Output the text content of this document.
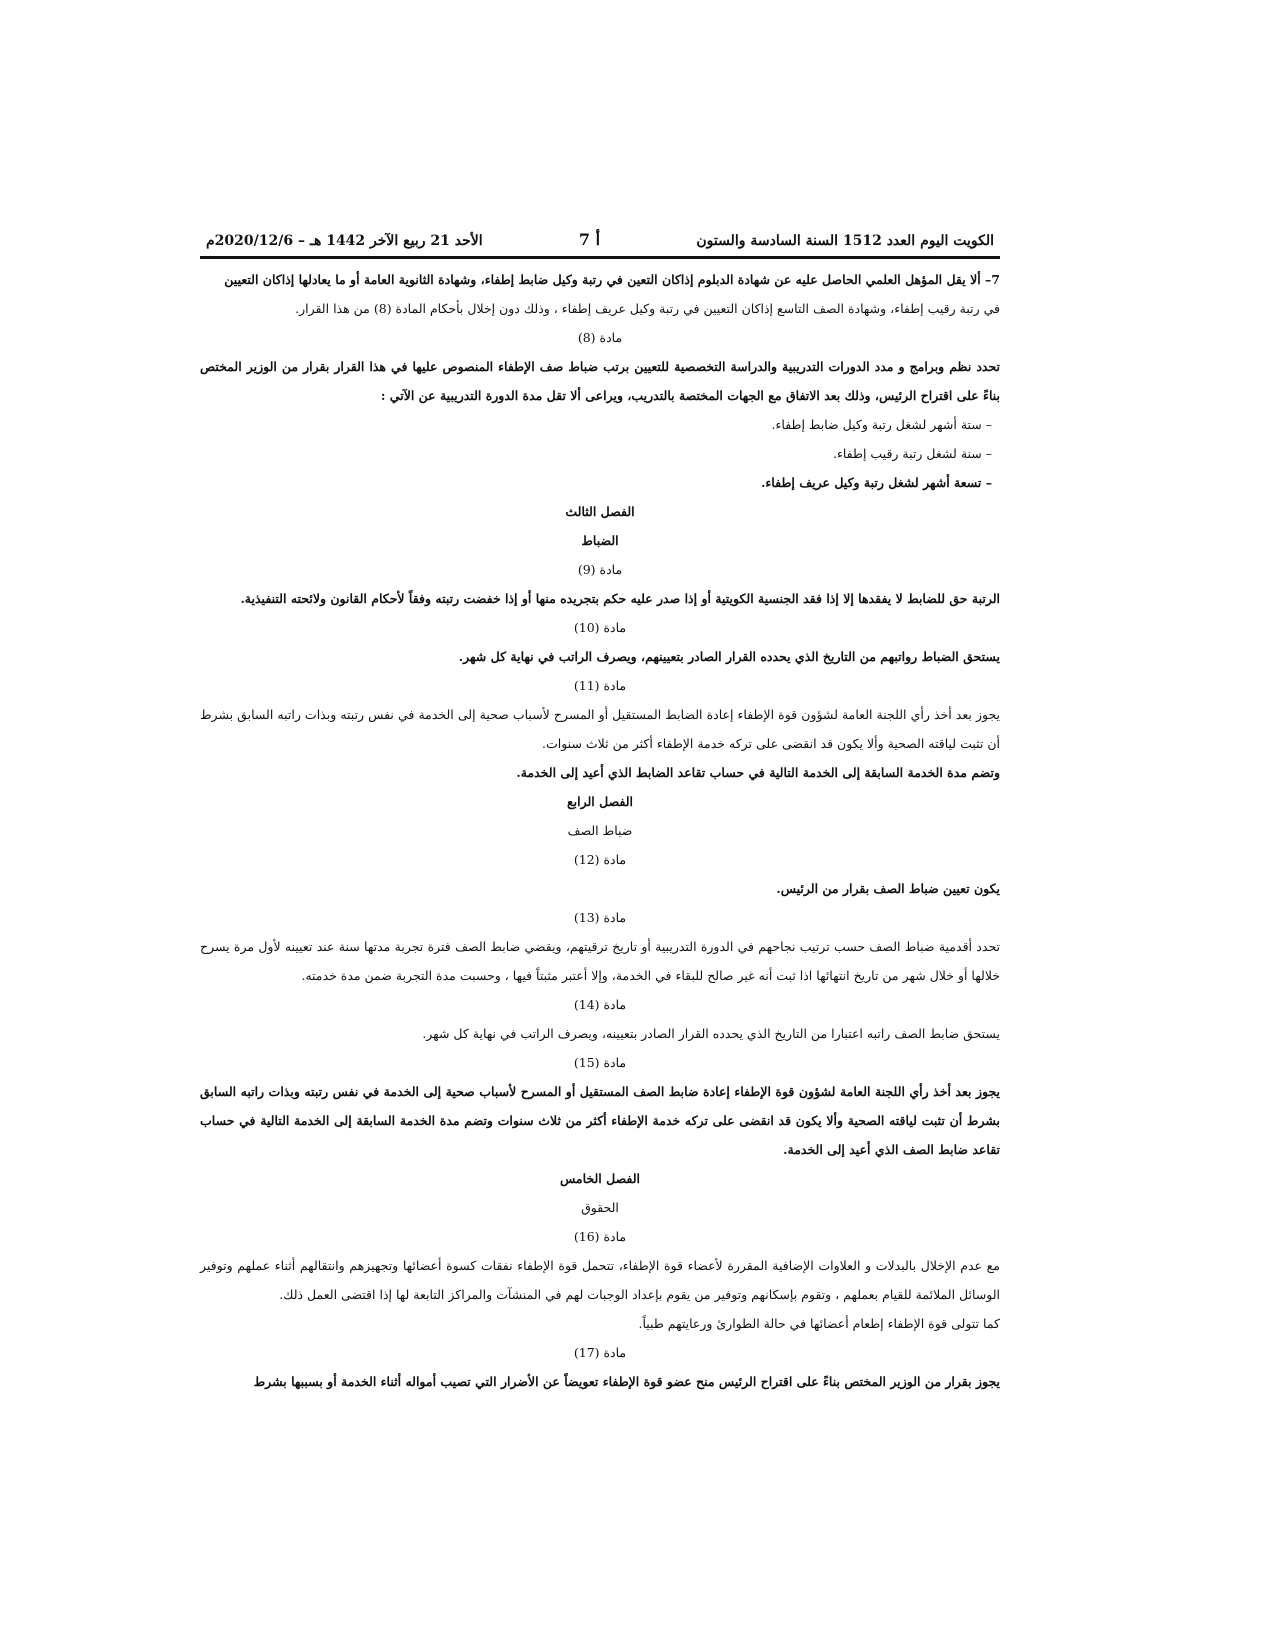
الكويت اليوم العدد 1512 السنة السادسة والستون
أ 7
الأحد 21 ربيع الآخر 1442 هـ – 2020/12/6م

7– ألا يقل المؤهل العلمي الحاصل عليه عن شهادة الدبلوم إذاكان التعين في رتبة وكيل ضابط إطفاء، وشهادة الثانوية العامة أو ما يعادلها إذاكان التعيين

في رتبة رقيب إطفاء، وشهادة الصف التاسع إذاكان التعيين في رتبة وكيل عريف إطفاء ، وذلك دون إخلال بأحكام المادة (8) من هذا القرار.

مادة (8)

تحدد نظم وبرامج و مدد الدورات التدريبية والدراسة التخصصية للتعيين برتب ضباط صف الإطفاء المنصوص عليها في هذا القرار بقرار من الوزير المختص بناءً على اقتراح الرئيس، وذلك بعد الاتفاق مع الجهات المختصة بالتدريب، ويراعى ألا تقل مدة الدورة التدريبية عن الآتي :

– ستة أشهر لشغل رتبة وكيل ضابط إطفاء.

– سنة لشغل رتبة رقيب إطفاء.

– تسعة أشهر لشغل رتبة وكيل عريف إطفاء.

الفصل الثالث

الضباط

مادة (9)

الرتبة حق للضابط لا يفقدها إلا إذا فقد الجنسية الكويتية أو إذا صدر عليه حكم بتجريده منها أو إذا خفضت رتبته وفقاً لأحكام القانون ولائحته التنفيذية.

مادة (10)

يستحق الضباط رواتبهم من التاريخ الذي يحدده القرار الصادر بتعيينهم، ويصرف الراتب في نهاية كل شهر.

مادة (11)

يجوز بعد أخذ رأي اللجنة العامة لشؤون قوة الإطفاء إعادة الضابط المستقيل أو المسرح لأسباب صحية إلى الخدمة في نفس رتبته وبذات راتبه السابق بشرط أن تثبت لياقته الصحية وألا يكون قد انقضى على تركه خدمة الإطفاء أكثر من ثلاث سنوات.

وتضم مدة الخدمة السابقة إلى الخدمة التالية في حساب تقاعد الضابط الذي أعيد إلى الخدمة.

الفصل الرابع

ضباط الصف

مادة (12)

يكون تعيين ضباط الصف بقرار من الرئيس.

مادة (13)

تحدد أقدمية ضباط الصف حسب ترتيب نجاحهم في الدورة التدريبية أو تاريخ ترقيتهم، ويقضي ضابط الصف فترة تجربة مدتها سنة عند تعيينه لأول مرة يسرح خلالها أو خلال شهر من تاريخ انتهائها اذا ثبت أنه غير صالح للبقاء في الخدمة، وإلا أعتبر مثبتاً فيها ، وحسبت مدة التجربة ضمن مدة خدمته.

مادة (14)

يستحق ضابط الصف راتبه اعتبارا من التاريخ الذي يحدده القرار الصادر بتعيينه، ويصرف الراتب في نهاية كل شهر.

مادة (15)

يجوز بعد أخذ رأي اللجنة العامة لشؤون قوة الإطفاء إعادة ضابط الصف المستقيل أو المسرح لأسباب صحية إلى الخدمة في نفس رتبته وبذات راتبه السابق بشرط أن تثبت لياقته الصحية وألا يكون قد انقضى على تركه خدمة الإطفاء أكثر من ثلاث سنوات وتضم مدة الخدمة السابقة إلى الخدمة التالية في حساب تقاعد ضابط الصف الذي أعيد إلى الخدمة.

الفصل الخامس

الحقوق

مادة (16)

مع عدم الإخلال بالبدلات و العلاوات الإضافية المقررة لأعضاء قوة الإطفاء، تتحمل قوة الإطفاء نفقات كسوة أعضائها وتجهيزهم وانتقالهم أثناء عملهم وتوفير الوسائل الملائمة للقيام بعملهم ، وتقوم بإسكانهم وتوفير من يقوم بإعداد الوجبات لهم في المنشآت والمراكز التابعة لها إذا اقتضى العمل ذلك.

كما تتولى قوة الإطفاء إطعام أعضائها في حالة الطوارئ ورعايتهم طبياً.

مادة (17)

يجوز بقرار من الوزير المختص بناءً على اقتراح الرئيس منح عضو قوة الإطفاء تعويضاً عن الأضرار التي تصيب أمواله أثناء الخدمة أو بسببها بشرط
